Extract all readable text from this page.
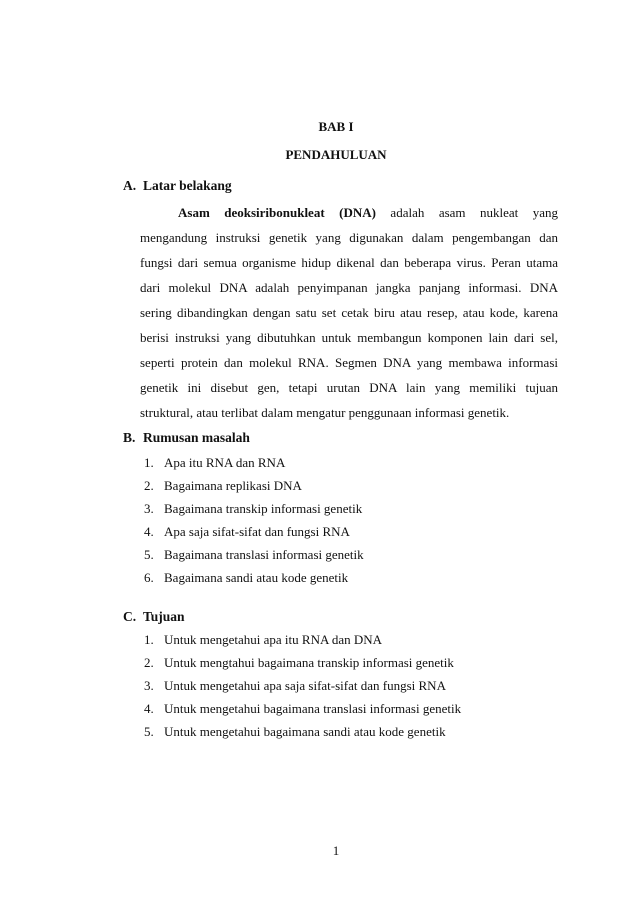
BAB I
PENDAHULUAN
A. Latar belakang
Asam deoksiribonukleat (DNA) adalah asam nukleat yang
mengandung instruksi genetik yang digunakan dalam pengembangan dan
fungsi dari semua organisme hidup dikenal dan beberapa virus. Peran utama
dari molekul DNA adalah penyimpanan jangka panjang informasi. DNA
sering dibandingkan dengan satu set cetak biru atau resep, atau kode, karena
berisi instruksi yang dibutuhkan untuk membangun komponen lain dari sel,
seperti protein dan molekul RNA. Segmen DNA yang membawa informasi
genetik ini disebut gen, tetapi urutan DNA lain yang memiliki tujuan
struktural, atau terlibat dalam mengatur penggunaan informasi genetik.
B. Rumusan masalah
1. Apa itu RNA dan RNA
2. Bagaimana replikasi DNA
3. Bagaimana transkip informasi genetik
4. Apa saja sifat-sifat dan fungsi RNA
5. Bagaimana translasi informasi genetik
6. Bagaimana sandi atau kode genetik
C. Tujuan
1. Untuk mengetahui apa itu RNA dan DNA
2. Untuk mengtahui bagaimana transkip informasi genetik
3. Untuk mengetahui apa saja sifat-sifat dan fungsi RNA
4. Untuk mengetahui bagaimana translasi informasi genetik
5. Untuk mengetahui bagaimana sandi atau kode genetik
1
